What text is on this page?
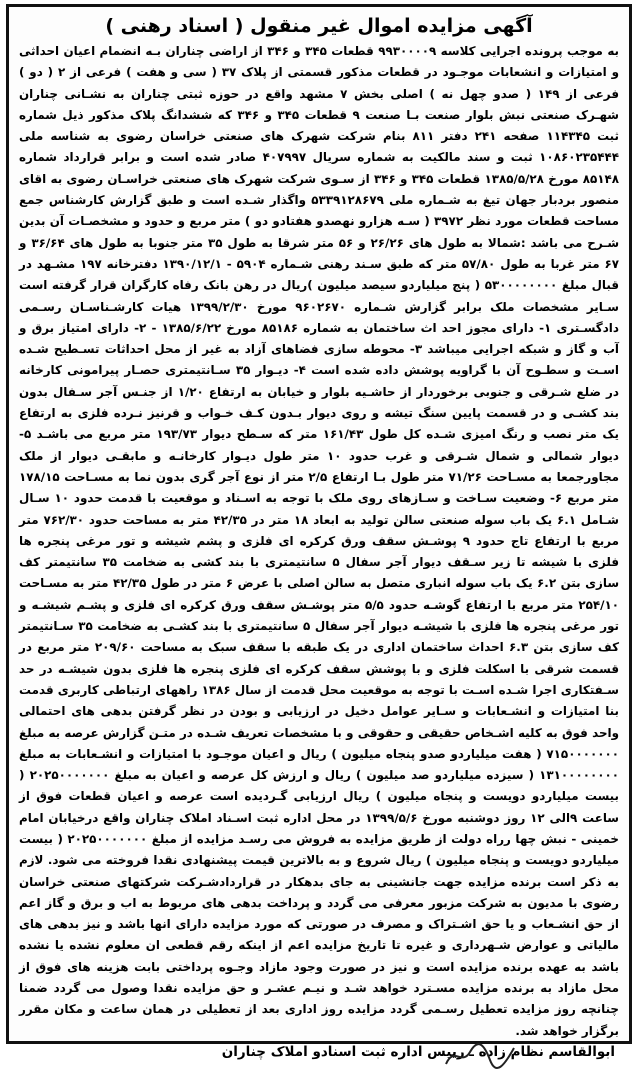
آگهی مزایده اموال غیر منقول ( اسناد رهنی )

به موجب پرونده اجرایی کلاسه ۹۹۳۰۰۰۰۹ قطعات ۳۴۵ و ۳۴۶ از اراضی چناران بـه انضمام اعیان احداثی و امتیازات و انشعابات موجـود در قطعات مذکور قسمتی از پلاک ۳۷ ( سی و هفت ) فرعی از ۲ ( دو ) فرعی از ۱۴۹ ( صدو چهل نه ) اصلی بخش ۷ مشهد واقع در حوزه ثبتی چناران به نشـانی چناران شهـرک صنعتی نبش بلوار صنعت بـا صنعت ۹ قطعات ۳۴۵ و ۳۴۶ که ششدانگ پلاک مذکور ذیل شماره ثبت ۱۱۴۳۴۵ صفحه ۲۴۱ دفتر ۸۱۱ بنام شرکت شهرک های صنعتی خراسان رضوی به شناسه ملی ۱۰۸۶۰۲۳۵۴۴۴ ثبت و سند مالکیت به شماره سریال ۴۰۷۹۹۷ صادر شده است و برابر قرارداد شماره ۸۵۱۴۸ مورخ ۱۳۸۵/۵/۲۸ قطعات ۳۴۵ و ۳۴۶ از سـوی شرکت شهرک های صنعتی خراسـان رضوی به اقای منصور بردبار جهان تیغ به شـماره ملی ۵۳۳۹۱۲۸۶۷۹ واگذار شـده است و طبق گزارش کارشناس جمع مساحت قطعات مورد نظر ۳۹۷۲ ( سـه هزارو نهصدو هفتادو دو ) متر مربع و حدود و مشخصـات آن بدین شـرح می باشد :شمالا به طول های ۲۶/۲۶ و ۵۶ متر شرقا به طول ۳۵ متر جنوبا به طول های ۳۶/۶۴ و ۶۷ متر غربا به طول ۵۷/۸۰ متر که طبق سـند رهنی شـماره ۵۹۰۴ - ۱۳۹۰/۱۲/۱ دفترخانه ۱۹۷ مشـهد در قبال مبلغ ۵۳۰۰۰۰۰۰۰۰ ( پنج میلیاردو سیصد میلیون )ریال در رهن بانک رفاه کارگران قرار گرفته است سـایر مشخصات ملک برابر گزارش شـماره ۹۶۰۲۶۷۰ مورخ ۱۳۹۹/۲/۳۰ هیات کارشـناسـان رسـمی دادگسـتری ۱- دارای مجوز احد اث ساختمان به شماره ۸۵۱۸۶ مورخ ۱۳۸۵/۶/۲۲ - ۲- دارای امتیاز برق و آب و گاز و شبکه اجرایی میباشد ۳- محوطه سازی فضاهای آزاد به غیر از محل احداثات تسـطیح شـده اسـت و سطـوح آن با گراویه پوشش داده شده است ۴- دیـوار ۳۵ سـانتیمتری حصـار پیرامونی کارخانه در ضلع شـرقی و جنوبی برخوردار از حاشـیه بلوار و خیابان به ارتفاع ۱/۲۰ از جنـس آجر سـفال بدون بند کشـی و در قسمت پایین سنگ تیشه و روی دیوار بـدون کـف خـواب و قرنیز نـرده فلزی به ارتفاع یک متر نصب و رنگ امیزی شـده کل طول ۱۶۱/۴۳ متر که سـطح دیوار ۱۹۳/۷۳ متر مربع می باشـد ۵- دیوار شمالی و شمال شـرقی و غرب حدود ۱۰ متر طول دیـوار کارخانـه و مابقـی دیوار از ملک مجاورجمعا به مسـاحت ۷۱/۲۶ متر طول بـا ارتفاع ۲/۵ متر از نوع آجر گری بدون نما به مسـاحت ۱۷۸/۱۵ متر مربع ۶- وضعیت سـاخت و سـازهای روی ملک با توجه به اسـناد و موقعیت با قدمت حدود ۱۰ سـال شـامل ۶.۱ یک باب سوله صنعتی سالن تولید به ابعاد ۱۸ متر در ۴۲/۳۵ متر به مساحت حدود ۷۶۲/۳۰ متر مربع با ارتفاع تاج حدود ۹ پوشـش سقف ورق کرکره ای فلزی و پشم شیشه و تور مرغی پنجره ها فلزی با شیشه تا زیر سـقف دیوار آجر سفال ۵ سانتیمتری با بند کشی به ضخامت ۳۵ سانتیمتر کف سازی بتن ۶.۲ یک باب سوله انباری متصل به سالن اصلی با عرض ۶ متر در طول ۴۲/۳۵ متر به مسـاحت ۲۵۴/۱۰ متر مربع با ارتفاع گوشـه حدود ۵/۵ متر پوشـش سقف ورق کرکره ای فلزی و پشـم شیشـه و تور مرغی پنجره ها فلزی با شیشـه دیوار آجر سفال ۵ سانتیمتری با بند کشـی به ضخامت ۳۵ سـانتیمتر کف سازی بتن ۶.۳ احداث ساختمان اداری در یک طبقه با سقف سبک به مساحت ۲۰۹/۶۰ متر مربع در قسمت شرقی با اسکلت فلزی و با پوشش سقف کرکره ای فلزی پنجره ها فلزی بدون شیشـه در حد سـفتکاری اجرا شـده اسـت با توجه به موقعیت محل قدمت از سال ۱۳۸۶ راههای ارتباطی کاربری قدمت بنا امتیازات و انشـعابات و سـایر عوامل دخیل در ارزیابی و بودن در نظر گرفتن بدهی های احتمالی واحد فوق به کلیه اشـخاص حقیقی و حقوقی و با مشخصات تعریف شـده در متـن گزارش عرصه به مبلغ ۷۱۵۰۰۰۰۰۰۰ ( هفت میلیاردو صدو پنجاه میلیون ) ریال و اعیان موجـود با امتیازات و انشـعابات به مبلغ ۱۳۱۰۰۰۰۰۰۰۰ ( سیزده میلیاردو صد میلیون ) ریال و ارزش کل عرصه و اعیان به مبلغ ۲۰۲۵۰۰۰۰۰۰۰ ( بیست میلیاردو دویست و پنجاه میلیون ) ریال ارزیابی گـردیده است عرصه و اعیان قطعات فوق از ساعت ۹الی ۱۲ روز دوشنبه مورخ ۱۳۹۹/۵/۶ در محل اداره ثبت اسـناد املاک چناران واقع درخیابان امام خمینی - نبش چها رراه دولت از طریق مزایده به فروش می رسـد مزایده از مبلغ ۲۰۲۵۰۰۰۰۰۰۰ ( بیست میلیاردو دویست و پنجاه میلیون ) ریال شروع و به بالاترین قیمت پیشنهادی نقدا فروخته می شود. لازم به ذکر است برنده مزایده جهت جانشینی به جای بدهکار در قراردادشـرکت شرکتهای صنعتی خراسان رضوی با مدیون به شرکت مزبور معرفی می گردد و پرداخت بدهی های مربوط به اب و برق و گاز اعم از حق انشـعاب و یا حق اشـتراک و مصرف در صورتی که مورد مزایده دارای انها باشد و نیز بدهی های مالیاتی و عوارض شـهرداری و غیره تا تاریخ مزایده اعم از اینکه رقم قطعی ان معلوم نشده یا نشده باشد به عهده برنده مزایده است و نیز در صورت وجود مازاد وجـوه پرداختی بابت هزینه های فوق از محل مازاد به برنده مزایده مسـترد خواهد شـد و نیـم عشـر و حق مزایده نقدا وصول می گردد ضمنا چنانچه روز مزایده تعطیل رسـمی گردد مزایده روز اداری بعد از تعطیلی در همان ساعت و مکان مقرر برگزار خواهد شد.

ابوالقاسم نظام زاده ـ رییس اداره ثبت اسنادو املاک چناران
